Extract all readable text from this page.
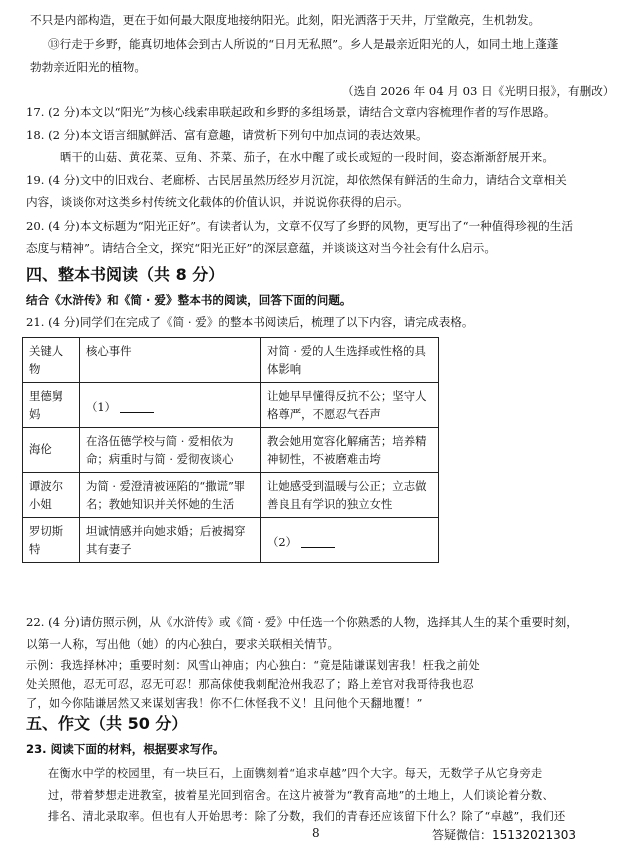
不只是内部构造，更在于如何最大限度地接纳阳光。此刻，阳光洒落于天井，厅堂敞亮，生机勃发。
⑬行走于乡野，能真切地体会到古人所说的“日月无私照”。乡人是最亲近阳光的人，如同土地上蓬蓬
勃勃亲近阳光的植物。
（选自 2026 年 04 月 03 日《光明日报》，有删改）
17. (2 分)本文以“阳光”为核心线索串联起政和乡野的多组场景，请结合文章内容梳理作者的写作思路。
18. (2 分)本文语言细腻鲜活、富有意趣，请赏析下列句中加点词的表达效果。
晒干的山菇、黄花菜、豆角、芥菜、茄子，在水中醒了或长或短的一段时间，姿态渐渐舒展开来。
19. (4 分)文中的旧戏台、老廊桥、古民居虽然历经岁月沉淀，却依然保有鲜活的生命力，请结合文章相关
内容，谈谈你对这类乡村传统文化载体的价值认识，并说说你获得的启示。
20. (4 分)本文标题为“阳光正好”。有读者认为，文章不仅写了乡野的风物，更写出了“一种值得珍视的生活
态度与精神”。请结合全文，探究“阳光正好”的深层意蕴，并谈谈这对当今社会有什么启示。
四、整本书阅读（共 8 分）
结合《水浒传》和《简 · 爱》整本书的阅读，回答下面的问题。
21. (4 分)同学们在完成了《简 · 爱》的整本书阅读后，梳理了以下内容，请完成表格。
关键人物	核心事件	对简 · 爱的人生选择或性格的具体影响
里德舅妈	（1）	让她早早懂得反抗不公；坚守人格尊严，不愿忍气吞声
海伦	在洛伍德学校与简 · 爱相依为命；病重时与简 · 爱彻夜谈心	教会她用宽容化解痛苦；培养精神韧性，不被磨难击垮
谭波尔小姐	为简 · 爱澄清被诬陷的“撒谎”罪名；教她知识并关怀她的生活	让她感受到温暖与公正；立志做善良且有学识的独立女性
罗切斯特	坦诚情感并向她求婚；后被揭穿其有妻子	（2）
22. (4 分)请仿照示例，从《水浒传》或《简 · 爱》中任选一个你熟悉的人物，选择其人生的某个重要时刻，
以第一人称，写出他（她）的内心独白，要求关联相关情节。
示例：我选择林冲；重要时刻：风雪山神庙；内心独白：“竟是陆谦谋划害我！枉我之前处
处关照他，忍无可忍，忍无可忍！那高俅使我刺配沧州我忍了；路上差官对我哥待我也忍
了，如今你陆谦居然又来谋划害我！你不仁休怪我不义！且问他个天翻地覆！”
五、作文（共 50 分）
23. 阅读下面的材料，根据要求写作。
在衡水中学的校园里，有一块巨石，上面镌刻着“追求卓越”四个大字。每天，无数学子从它身旁走
过，带着梦想走进教室，披着星光回到宿舍。在这片被誉为“教育高地”的土地上，人们谈论着分数、
排名、清北录取率。但也有人开始思考：除了分数，我们的青春还应该留下什么？除了“卓越”，我们还
8	答疑微信：15132021303
